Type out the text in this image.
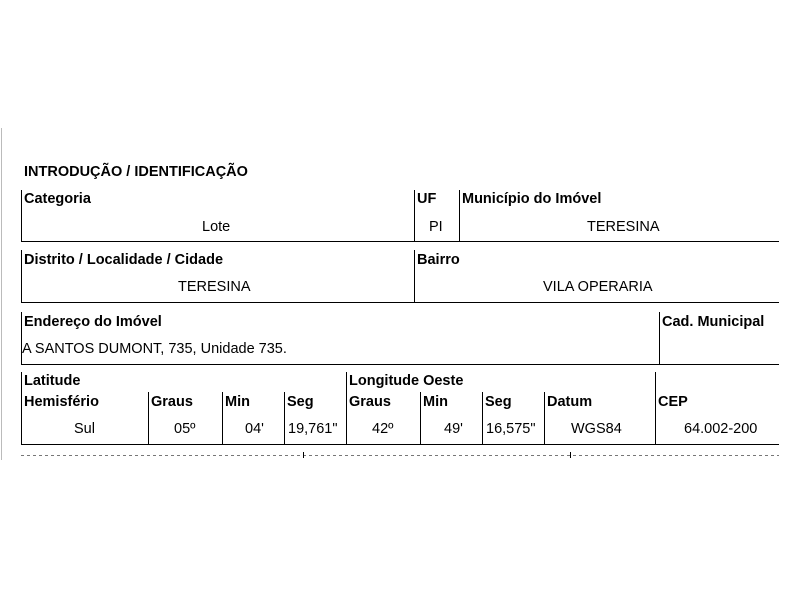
INTRODUÇÃO / IDENTIFICAÇÃO
Categoria
Lote
UF
PI
Município do Imóvel
TERESINA
Distrito / Localidade / Cidade
TERESINA
Bairro
VILA OPERARIA
Endereço do Imóvel
A SANTOS DUMONT, 735, Unidade 735.
Cad. Municipal
Latitude
Hemisfério
Sul
Graus
05º
Min
04'
Seg
19,761"
Longitude Oeste
Graus
42º
Min
49'
Seg
16,575"
Datum
WGS84
CEP
64.002-200
